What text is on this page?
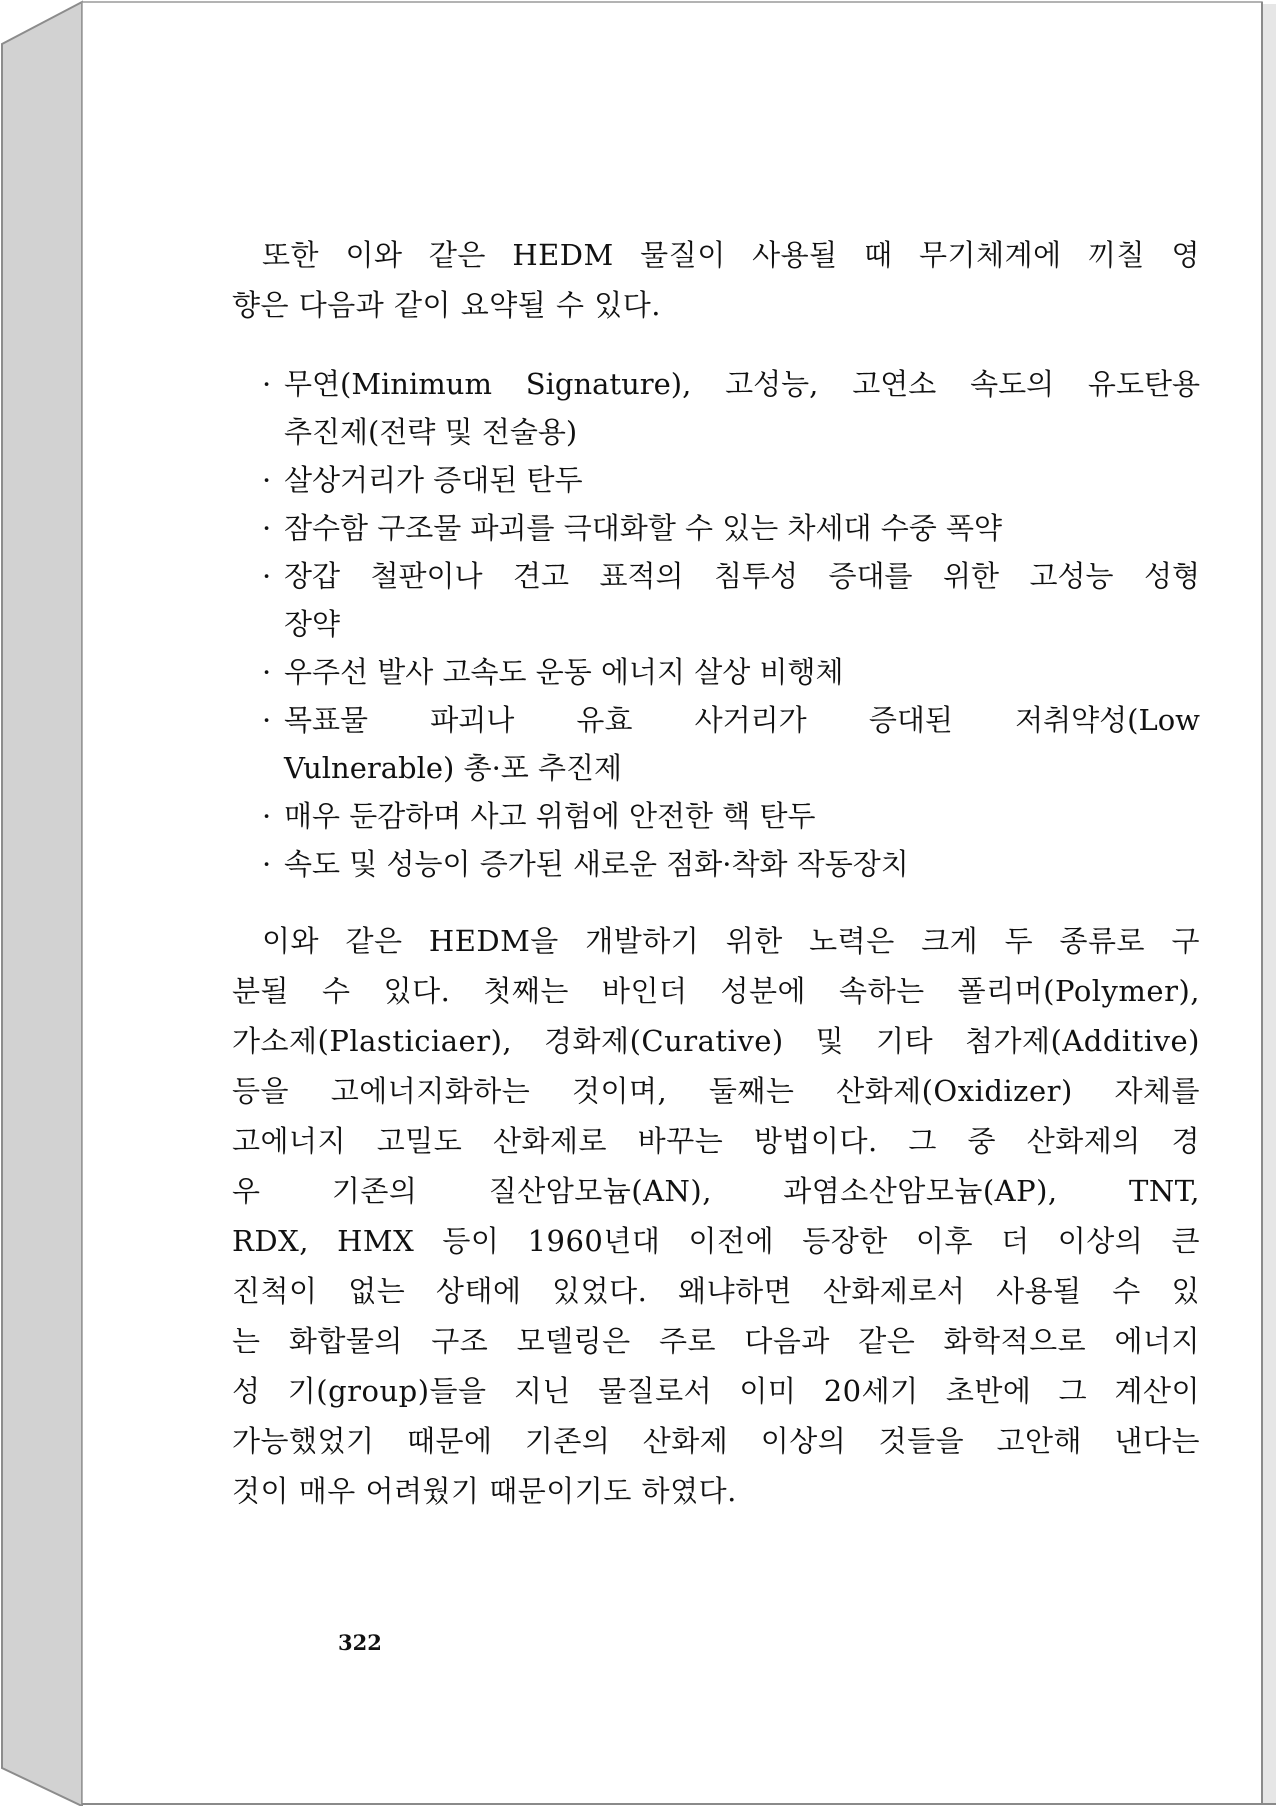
또한 이와 같은 HEDM 물질이 사용될 때 무기체계에 끼칠 영
향은 다음과 같이 요약될 수 있다.

· 무연(Minimum Signature), 고성능, 고연소 속도의 유도탄용
추진제(전략 및 전술용)
· 살상거리가 증대된 탄두
· 잠수함 구조물 파괴를 극대화할 수 있는 차세대 수중 폭약
· 장갑 철판이나 견고 표적의 침투성 증대를 위한 고성능 성형
장약
· 우주선 발사 고속도 운동 에너지 살상 비행체
· 목표물 파괴나 유효 사거리가 증대된 저취약성(Low
Vulnerable) 총·포 추진제
· 매우 둔감하며 사고 위험에 안전한 핵 탄두
· 속도 및 성능이 증가된 새로운 점화·착화 작동장치

이와 같은 HEDM을 개발하기 위한 노력은 크게 두 종류로 구
분될 수 있다. 첫째는 바인더 성분에 속하는 폴리머(Polymer),
가소제(Plasticiaer), 경화제(Curative) 및 기타 첨가제(Additive)
등을 고에너지화하는 것이며, 둘째는 산화제(Oxidizer) 자체를
고에너지 고밀도 산화제로 바꾸는 방법이다. 그 중 산화제의 경
우 기존의 질산암모늄(AN), 과염소산암모늄(AP), TNT,
RDX, HMX 등이 1960년대 이전에 등장한 이후 더 이상의 큰
진척이 없는 상태에 있었다. 왜냐하면 산화제로서 사용될 수 있
는 화합물의 구조 모델링은 주로 다음과 같은 화학적으로 에너지
성 기(group)들을 지닌 물질로서 이미 20세기 초반에 그 계산이
가능했었기 때문에 기존의 산화제 이상의 것들을 고안해 낸다는
것이 매우 어려웠기 때문이기도 하였다.

322
